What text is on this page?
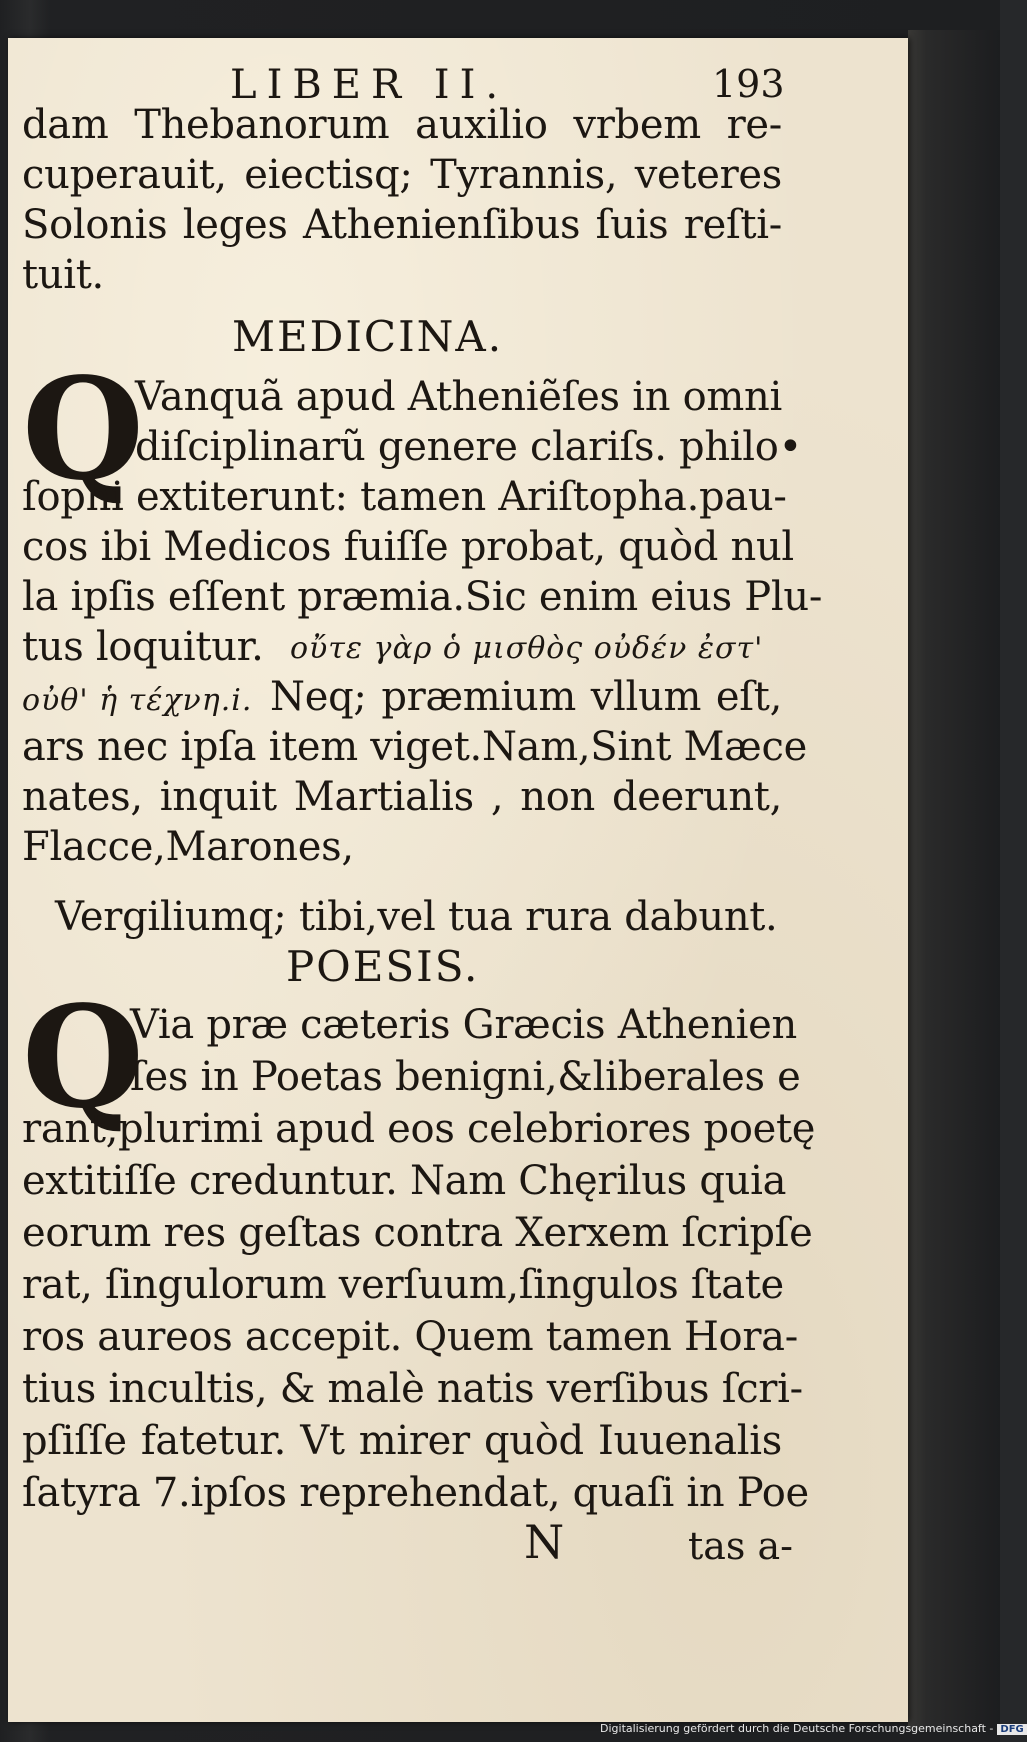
LIBER II.	193
dam Thebanorum auxilio vrbem re-
cuperauit, eiectisq; Tyrannis, veteres
Solonis leges Athenienſibus ſuis reſti-
tuit.
MEDICINA.
Q
Vanquã apud Atheniẽſes in omni
diſciplinarũ genere clariſs. philo•
ſophi extiterunt: tamen Ariſtopha.pau-
cos ibi Medicos fuiſſe probat, quòd nul
la ipſis eſſent præmia.Sic enim eius Plu-
tus loquitur. οὔτε γὰρ ὁ μισθὸς οὐδέν ἐστ'
οὐθ' ἡ τέχνη.i. Neq; præmium vllum eſt,
ars nec ipſa item viget.Nam,Sint Mæce
nates, inquit Martialis , non deerunt,
Flacce,Marones,
Vergiliumq; tibi,vel tua rura dabunt.
POESIS.
Q
Via præ cæteris Græcis Athenien
ſes in Poetas benigni,&liberales e
rant,plurimi apud eos celebriores poetę
extitiſſe creduntur. Nam Chęrilus quia
eorum res geſtas contra Xerxem ſcripſe
rat, ſingulorum verſuum,ſingulos ſtate
ros aureos accepit. Quem tamen Hora-
tius incultis, & malè natis verſibus ſcri-
pſiſſe fatetur. Vt mirer quòd Iuuenalis
ſatyra 7.ipſos reprehendat, quaſi in Poe
N	tas a-
Digitalisierung gefördert durch die Deutsche Forschungsgemeinschaft - DFG
